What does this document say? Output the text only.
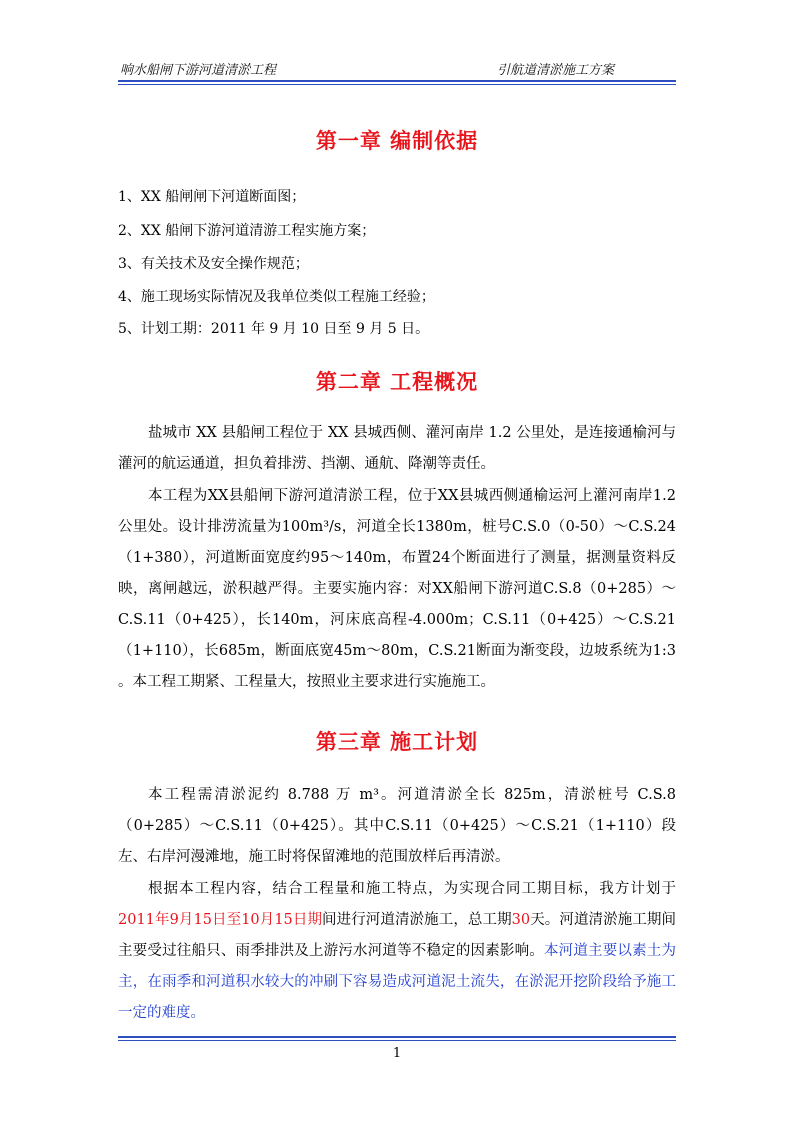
响水船闸下游河道清淤工程	引航道清淤施工方案
第一章 编制依据
1、XX 船闸闸下河道断面图；
2、XX 船闸下游河道清游工程实施方案；
3、有关技术及安全操作规范；
4、施工现场实际情况及我单位类似工程施工经验；
5、计划工期：2011 年 9 月 10 日至 9 月 5 日。
第二章 工程概况

盐城市 XX 县船闸工程位于 XX 县城西侧、灌河南岸 1.2 公里处，是连接通榆河与灌河的航运通道，担负着排涝、挡潮、通航、降潮等责任。

本工程为XX县船闸下游河道清淤工程，位于XX县城西侧通榆运河上灌河南岸1.2公里处。设计排涝流量为100m³/s，河道全长1380m，桩号C.S.0（0-50）～C.S.24（1+380），河道断面宽度约95～140m，布置24个断面进行了测量，据测量资料反映，离闸越远，淤积越严得。主要实施内容：对XX船闸下游河道C.S.8（0+285）～C.S.11（0+425），长140m，河床底高程-4.000m；C.S.11（0+425）～C.S.21（1+110），长685m，断面底宽45m～80m，C.S.21断面为渐变段，边坡系统为1:3 。本工程工期紧、工程量大，按照业主要求进行实施施工。

第三章 施工计划

本工程需清淤泥约 8.788 万 m³。河道清淤全长 825m，清淤桩号 C.S.8（0+285）～C.S.11（0+425）。其中C.S.11（0+425）～C.S.21（1+110）段左、右岸河漫滩地，施工时将保留滩地的范围放样后再清淤。

根据本工程内容，结合工程量和施工特点，为实现合同工期目标，我方计划于2011年9月15日至10月15日期间进行河道清淤施工，总工期30天。河道清淤施工期间主要受过往船只、雨季排洪及上游污水河道等不稳定的因素影响。本河道主要以素土为主，在雨季和河道积水较大的冲刷下容易造成河道泥土流失，在淤泥开挖阶段给予施工一定的难度。

1
